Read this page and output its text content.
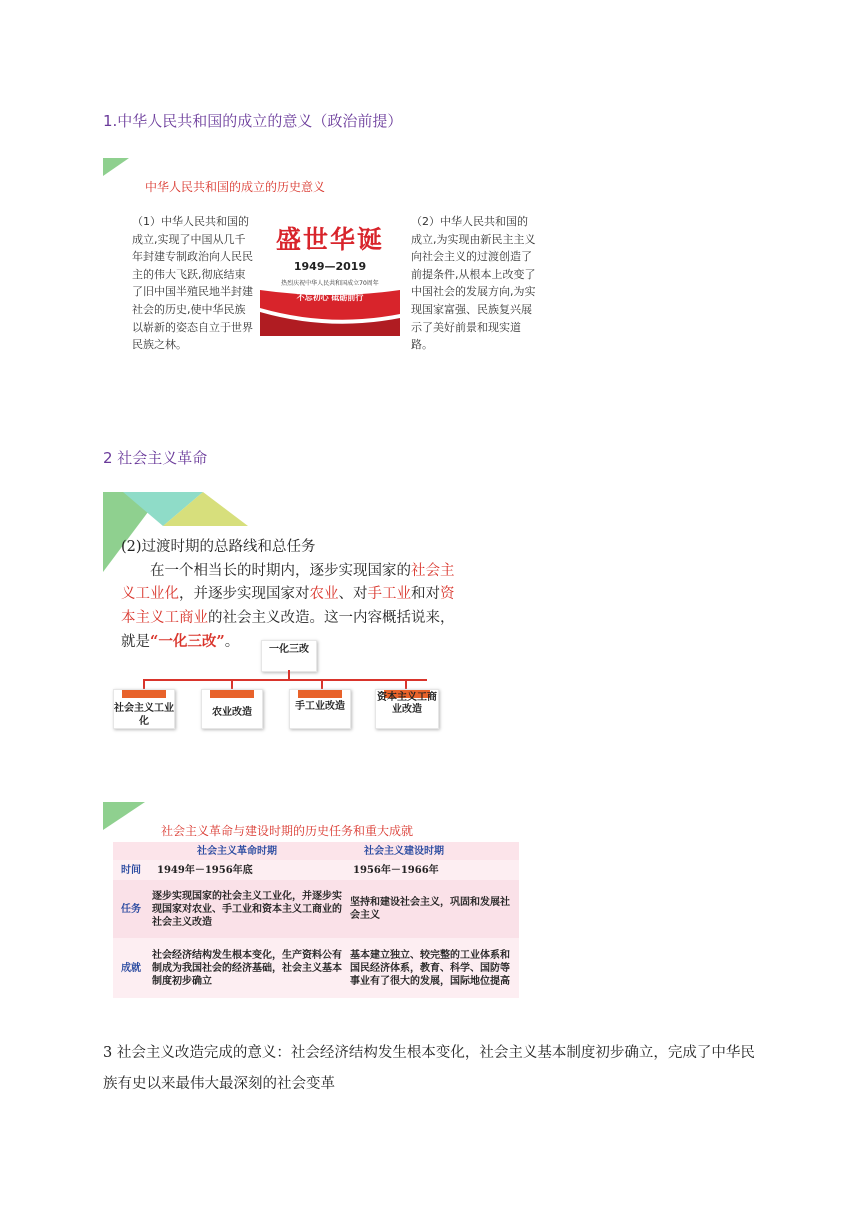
1.中华人民共和国的成立的意义（政治前提）
中华人民共和国的成立的历史意义
（1）中华人民共和国的成立,实现了中国从几千年封建专制政治向人民民主的伟大飞跃,彻底结束了旧中国半殖民地半封建社会的历史,使中华民族以崭新的姿态自立于世界民族之林。
盛世华诞
1949—2019
热烈庆祝中华人民共和国成立70周年
不忘初心 砥砺前行
（2）中华人民共和国的成立,为实现由新民主主义向社会主义的过渡创造了前提条件,从根本上改变了中国社会的发展方向,为实现国家富强、民族复兴展示了美好前景和现实道路。
2 社会主义革命
(2)过渡时期的总路线和总任务
在一个相当长的时期内，逐步实现国家的社会主义工业化，并逐步实现国家对农业、对手工业和对资本主义工商业的社会主义改造。这一内容概括说来，就是“一化三改”。	一化三改
社会主义工业化
农业改造
手工业改造
资本主义工商业改造
社会主义革命与建设时期的历史任务和重大成就
	社会主义革命时期	社会主义建设时期
时间	1949年－1956年底	1956年－1966年
任务	逐步实现国家的社会主义工业化，并逐步实现国家对农业、手工业和资本主义工商业的社会主义改造	坚持和建设社会主义，巩固和发展社会主义
成就	社会经济结构发生根本变化，生产资料公有制成为我国社会的经济基础，社会主义基本制度初步确立	基本建立独立、较完整的工业体系和国民经济体系，教育、科学、国防等事业有了很大的发展，国际地位提高
3 社会主义改造完成的意义：社会经济结构发生根本变化，社会主义基本制度初步确立，完成了中华民族有史以来最伟大最深刻的社会变革
